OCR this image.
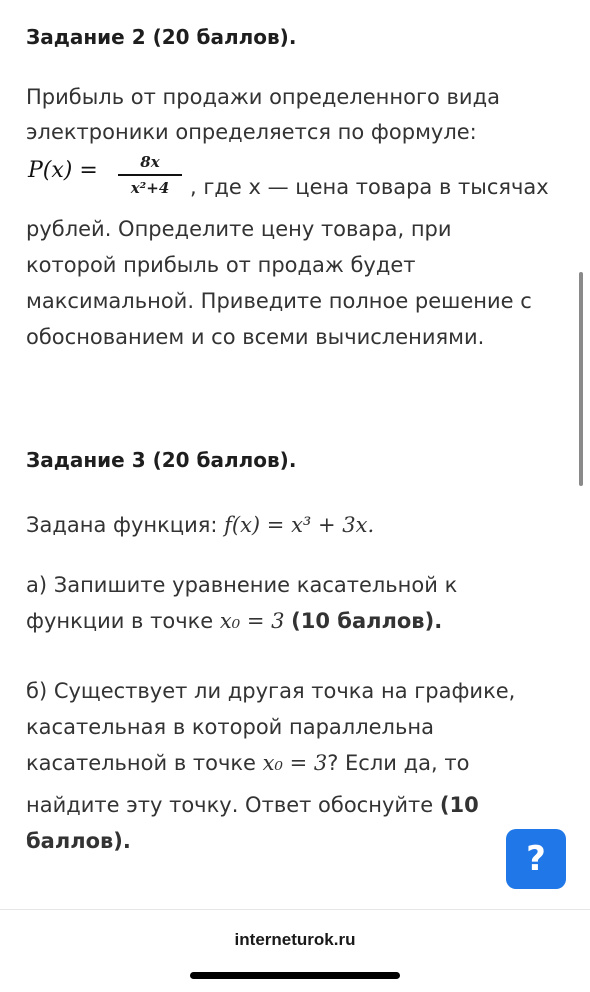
Задание 2 (20 баллов).
Прибыль от продажи определенного вида
электроники определяется по формуле:
P(x) =	8x
x²+4 , где x — цена товара в тысячах
рублей. Определите цену товара, при
которой прибыль от продаж будет
максимальной. Приведите полное решение с
обоснованием и со всеми вычислениями.
Задание 3 (20 баллов).
Задана функция: f(x) = x³ + 3x.
а) Запишите уравнение касательной к
функции в точке x₀ = 3 (10 баллов).
б) Существует ли другая точка на графике,
касательная в которой параллельна
касательной в точке x₀ = 3? Если да, то
найдите эту точку. Ответ обоснуйте (10
баллов).	?
interneturok.ru
